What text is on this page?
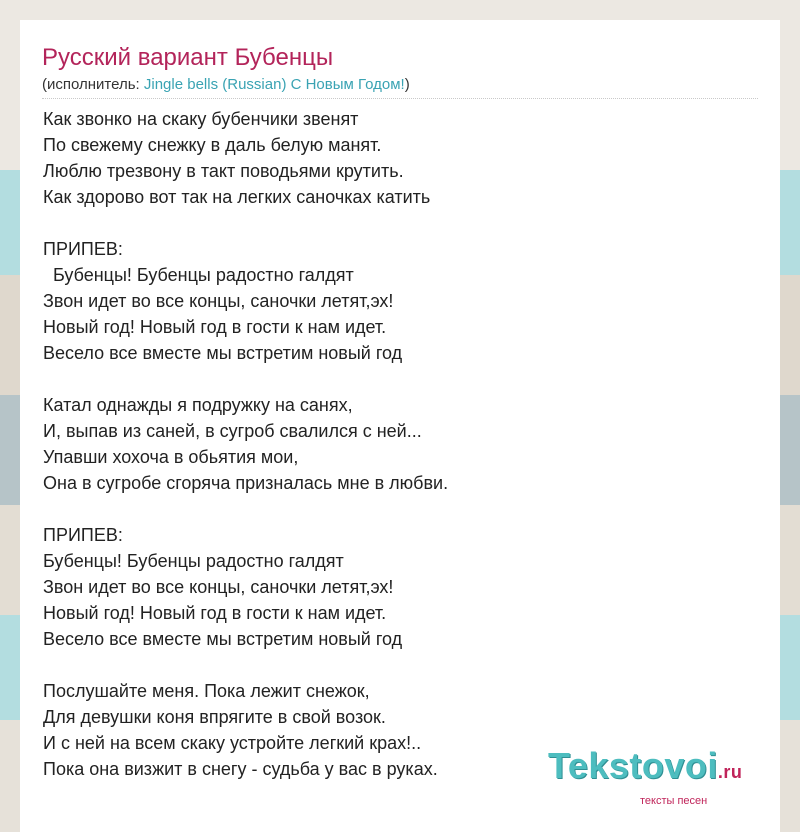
Русский вариант Бубенцы
(исполнитель: Jingle bells (Russian) С Новым Годом!)
Как звонко на скаку бубенчики звенят
По свежему снежку в даль белую манят.
Люблю трезвону в такт поводьями крутить.
Как здорово вот так на легких саночках катить
ПРИПЕВ:
Бубенцы! Бубенцы радостно галдят
Звон идет во все концы, саночки летят,эх!
Новый год! Новый год в гости к нам идет.
Весело все вместе мы встретим новый год
Катал однажды я подружку на санях,
И, выпав из саней, в сугроб свалился с ней...
Упавши хохоча в обьятия мои,
Она в сугробе сгоряча призналась мне в любви.
ПРИПЕВ:
Бубенцы! Бубенцы радостно галдят
Звон идет во все концы, саночки летят,эх!
Новый год! Новый год в гости к нам идет.
Весело все вместе мы встретим новый год
Послушайте меня. Пока лежит снежок,
Для девушки коня впрягите в свой возок.
И с ней на всем скаку устройте легкий крах!..
Пока она визжит в снегу - судьба у вас в руках.	Tekstovoi.ru
тексты песен
